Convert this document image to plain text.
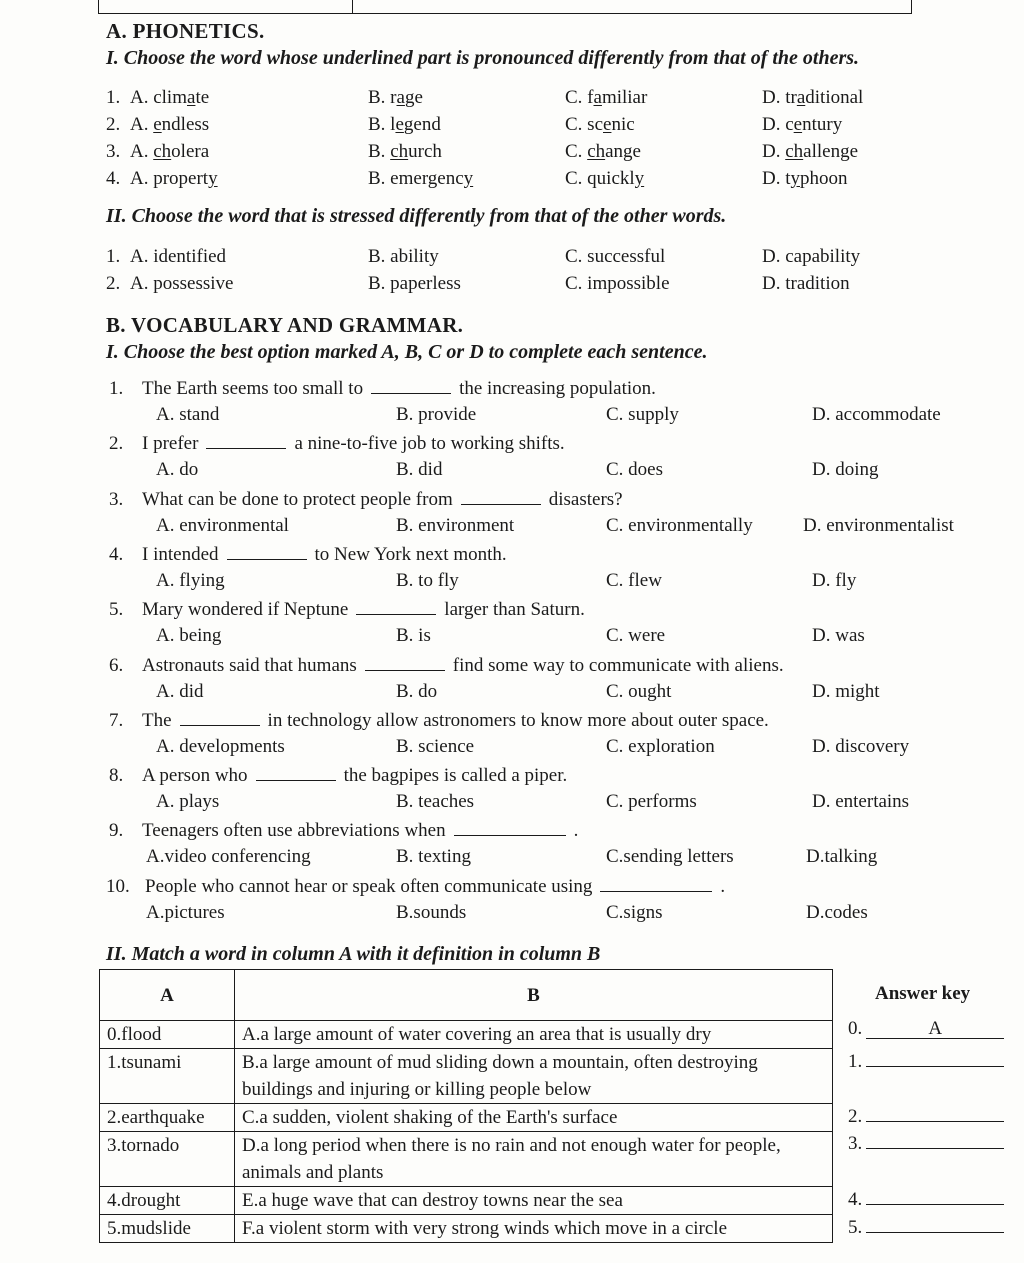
A. PHONETICS.
I. Choose the word whose underlined part is pronounced differently from that of the others.
1. A. climate	B. rage	C. familiar	D. traditional
2. A. endless	B. legend	C. scenic	D. century
3. A. cholera	B. church	C. change	D. challenge
4. A. property	B. emergency	C. quickly	D. typhoon
II. Choose the word that is stressed differently from that of the other words.
1. A. identified	B. ability	C. successful	D. capability
2. A. possessive	B. paperless	C. impossible	D. tradition
B. VOCABULARY AND GRAMMAR.
I. Choose the best option marked A, B, C or D to complete each sentence.
1. The Earth seems too small to	the increasing population.
A. stand	B. provide	C. supply	D. accommodate
2. I prefer	a nine-to-five job to working shifts.
A. do	B. did	C. does	D. doing
3. What can be done to protect people from	disasters?
A. environmental	B. environment	C. environmentally	D. environmentalist
4. I intended	to New York next month.
A. flying	B. to fly	C. flew	D. fly
5. Mary wondered if Neptune	larger than Saturn.
A. being	B. is	C. were	D. was
6. Astronauts said that humans	find some way to communicate with aliens.
A. did	B. do	C. ought	D. might
7. The	in technology allow astronomers to know more about outer space.
A. developments	B. science	C. exploration	D. discovery
8. A person who	the bagpipes is called a piper.
A. plays	B. teaches	C. performs	D. entertains
9. Teenagers often use abbreviations when	.
A.video conferencing	B. texting	C.sending letters	D.talking
10. People who cannot hear or speak often communicate using	.
A.pictures	B.sounds	C.signs	D.codes
II. Match a word in column A with it definition in column B
A	B
0.flood	A.a large amount of water covering an area that is usually dry
1.tsunami	B.a large amount of mud sliding down a mountain, often destroying buildings and injuring or killing people below
2.earthquake	C.a sudden, violent shaking of the Earth's surface
3.tornado	D.a long period when there is no rain and not enough water for people, animals and plants
4.drought	E.a huge wave that can destroy towns near the sea
5.mudslide	F.a violent storm with very strong winds which move in a circle
Answer key
0.	A
1.
2.
3.
4.
5.
